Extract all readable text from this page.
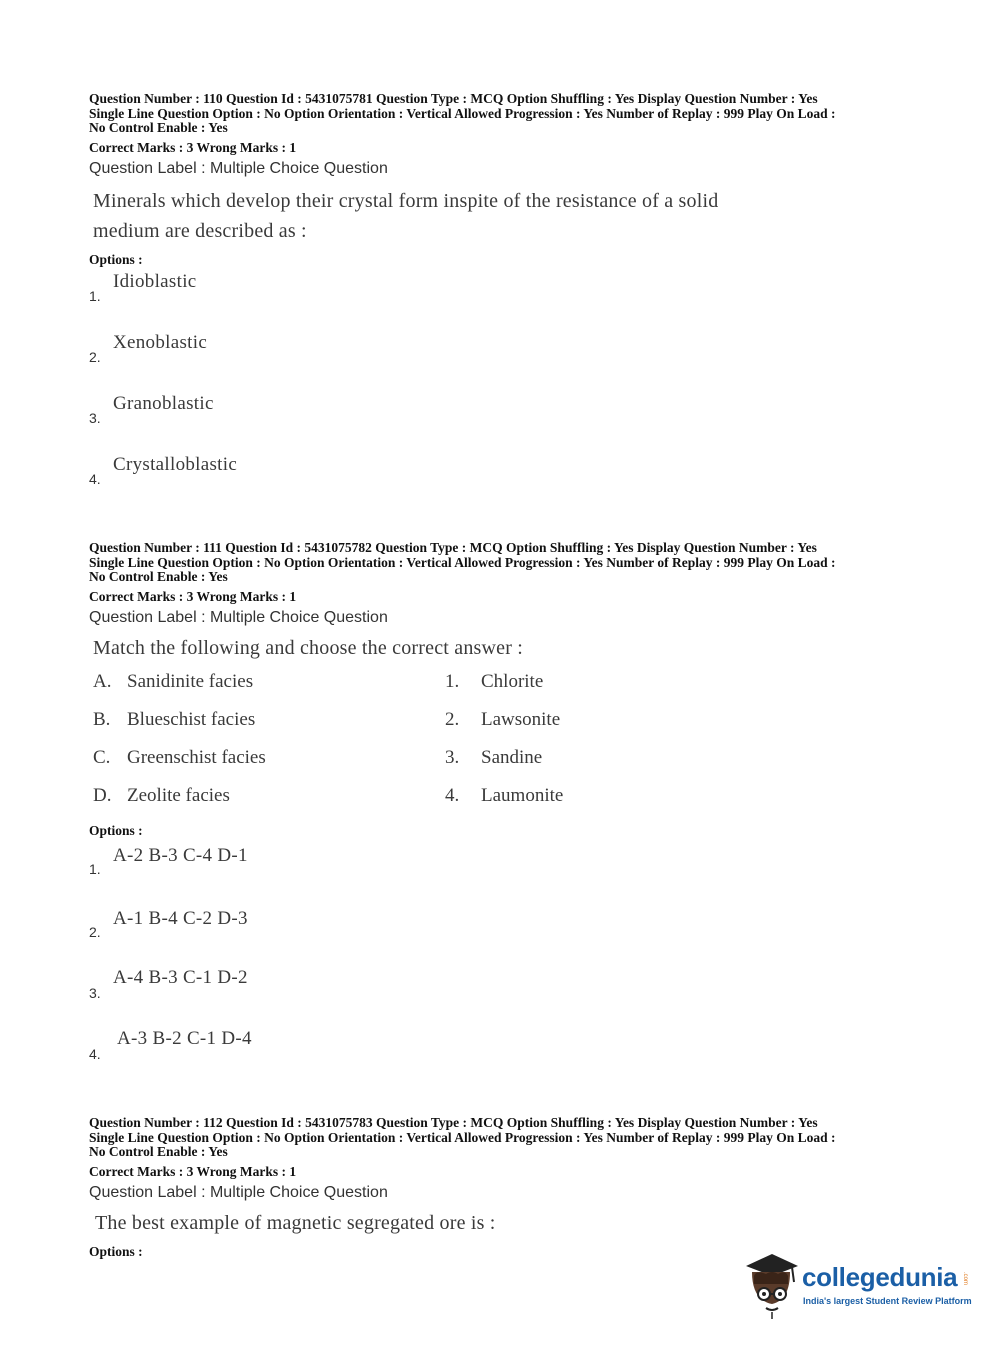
Question Number : 110 Question Id : 5431075781 Question Type : MCQ Option Shuffling : Yes Display Question Number : Yes

Single Line Question Option : No Option Orientation : Vertical Allowed Progression : Yes Number of Replay : 999 Play On Load :

No Control Enable : Yes

Correct Marks : 3 Wrong Marks : 1
Question Label : Multiple Choice Question
Minerals which develop their crystal form inspite of the resistance of a solid
medium are described as :
Options :
1.
Idioblastic
2.
Xenoblastic
3.
Granoblastic
4.
Crystalloblastic

Question Number : 111 Question Id : 5431075782 Question Type : MCQ Option Shuffling : Yes Display Question Number : Yes

Single Line Question Option : No Option Orientation : Vertical Allowed Progression : Yes Number of Replay : 999 Play On Load :

No Control Enable : Yes

Correct Marks : 3 Wrong Marks : 1
Question Label : Multiple Choice Question
Match the following and choose the correct answer :
A. Sanidinite facies	1. Chlorite
B. Blueschist facies	2. Lawsonite
C. Greenschist facies	3. Sandine
D. Zeolite facies	4. Laumonite
Options :
1.
A-2 B-3 C-4 D-1
2.
A-1 B-4 C-2 D-3
3.
A-4 B-3 C-1 D-2
4.
A-3 B-2 C-1 D-4

Question Number : 112 Question Id : 5431075783 Question Type : MCQ Option Shuffling : Yes Display Question Number : Yes

Single Line Question Option : No Option Orientation : Vertical Allowed Progression : Yes Number of Replay : 999 Play On Load :

No Control Enable : Yes

Correct Marks : 3 Wrong Marks : 1
Question Label : Multiple Choice Question
The best example of magnetic segregated ore is :
Options :
collegedunia .com
India's largest Student Review Platform
